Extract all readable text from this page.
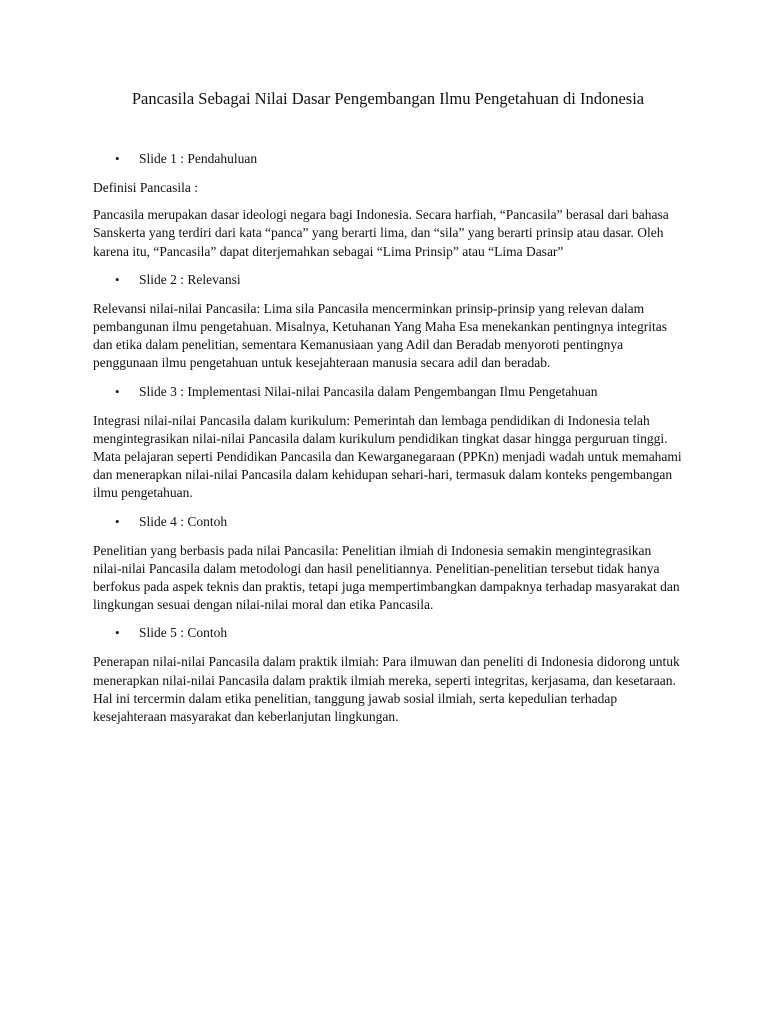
Pancasila Sebagai Nilai Dasar Pengembangan Ilmu Pengetahuan di Indonesia
• Slide 1 : Pendahuluan

Definisi Pancasila :

Pancasila merupakan dasar ideologi negara bagi Indonesia. Secara harfiah, “Pancasila” berasal dari bahasa Sanskerta yang terdiri dari kata “panca” yang berarti lima, dan “sila” yang berarti prinsip atau dasar. Oleh karena itu, “Pancasila” dapat diterjemahkan sebagai “Lima Prinsip” atau “Lima Dasar”

• Slide 2 : Relevansi

Relevansi nilai-nilai Pancasila: Lima sila Pancasila mencerminkan prinsip-prinsip yang relevan dalam pembangunan ilmu pengetahuan. Misalnya, Ketuhanan Yang Maha Esa menekankan pentingnya integritas dan etika dalam penelitian, sementara Kemanusiaan yang Adil dan Beradab menyoroti pentingnya penggunaan ilmu pengetahuan untuk kesejahteraan manusia secara adil dan beradab.

• Slide 3 : Implementasi Nilai-nilai Pancasila dalam Pengembangan Ilmu Pengetahuan

Integrasi nilai-nilai Pancasila dalam kurikulum: Pemerintah dan lembaga pendidikan di Indonesia telah mengintegrasikan nilai-nilai Pancasila dalam kurikulum pendidikan tingkat dasar hingga perguruan tinggi. Mata pelajaran seperti Pendidikan Pancasila dan Kewarganegaraan (PPKn) menjadi wadah untuk memahami dan menerapkan nilai-nilai Pancasila dalam kehidupan sehari-hari, termasuk dalam konteks pengembangan ilmu pengetahuan.

• Slide 4 : Contoh

Penelitian yang berbasis pada nilai Pancasila: Penelitian ilmiah di Indonesia semakin mengintegrasikan nilai-nilai Pancasila dalam metodologi dan hasil penelitiannya. Penelitian-penelitian tersebut tidak hanya berfokus pada aspek teknis dan praktis, tetapi juga mempertimbangkan dampaknya terhadap masyarakat dan lingkungan sesuai dengan nilai-nilai moral dan etika Pancasila.

• Slide 5 : Contoh

Penerapan nilai-nilai Pancasila dalam praktik ilmiah: Para ilmuwan dan peneliti di Indonesia didorong untuk menerapkan nilai-nilai Pancasila dalam praktik ilmiah mereka, seperti integritas, kerjasama, dan kesetaraan. Hal ini tercermin dalam etika penelitian, tanggung jawab sosial ilmiah, serta kepedulian terhadap kesejahteraan masyarakat dan keberlanjutan lingkungan.
